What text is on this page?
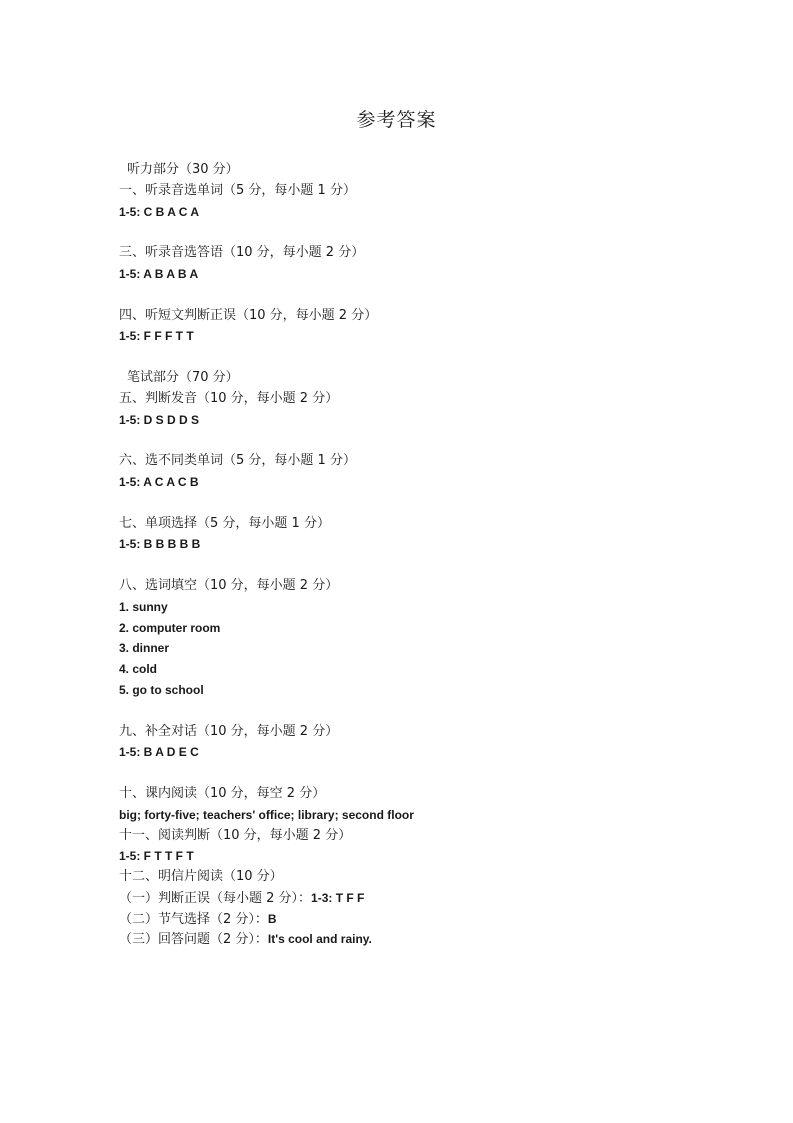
参考答案
听力部分（30 分）
一、听录音选单词（5 分，每小题 1 分）
1-5: C B A C A
三、听录音选答语（10 分，每小题 2 分）
1-5: A B A B A
四、听短文判断正误（10 分，每小题 2 分）
1-5: F F F T T
笔试部分（70 分）
五、判断发音（10 分，每小题 2 分）
1-5: D S D D S
六、选不同类单词（5 分，每小题 1 分）
1-5: A C A C B
七、单项选择（5 分，每小题 1 分）
1-5: B B B B B
八、选词填空（10 分，每小题 2 分）
1. sunny
2. computer room
3. dinner
4. cold
5. go to school
九、补全对话（10 分，每小题 2 分）
1-5: B A D E C
十、课内阅读（10 分，每空 2 分）
big; forty-five; teachers' office; library; second floor
十一、阅读判断（10 分，每小题 2 分）
1-5: F T T F T
十二、明信片阅读（10 分）
（一）判断正误（每小题 2 分）：1-3: T F F
（二）节气选择（2 分）：B
（三）回答问题（2 分）：It's cool and rainy.
